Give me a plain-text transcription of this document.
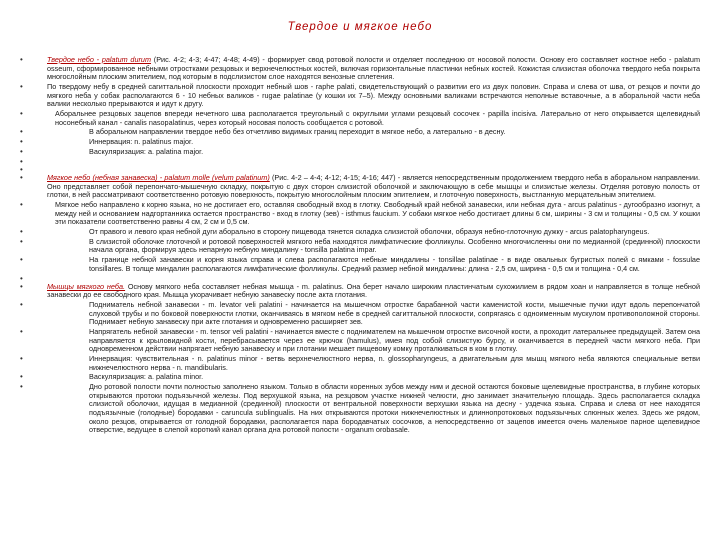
Твердое и мягкое небо
•	Твердое небо - palatum durum (Рис. 4-2; 4-3; 4-47; 4-48; 4-49) - формирует свод ротовой полости и отделяет последнюю от носовой полости. Основу его составляет костное небо - palatum osseum, сформированное небными отростками резцовых и верхнечелюстных костей, включая горизонтальные пластинки небных костей. Кожистая слизистая оболочка твердого неба покрыта многослойным плоским эпителием, под которым в подслизистом слое находятся венозные сплетения.
•	По твердому небу в средней сагиттальной плоскости проходит небный шов - raphe palati, свидетельствующий о развитии его из двух половин. Справа и слева от шва, от резцов и почти до мягкого неба у собак располагаются 6 - 10 небных валиков - rugae palatinae (у кошки их 7–5). Между основными валиками встречаются неполные вставочные, а в аборальной части неба валики несколько прерываются и идут к другу.
•	Аборальнее резцовых зацепов впереди нечетного шва располагается треугольный с округлыми углами резцовый сосочек - papilla incisiva. Латерально от него открывается щелевидный носонебный канал - canalis nasopalatinus, через который носовая полость сообщается с ротовой.
•	В аборальном направлении твердое небо без отчетливо видимых границ переходит в мягкое небо, а латерально - в десну.
•	Иннервация: n. palatinus major.
•	Васкуляризация: a. palatina major.
•
•
•	Мягкое небо (небная занавеска) - palatum molle (velum palatinum) (Рис. 4-2 – 4-4; 4-12; 4-15; 4-16; 447) - является непосредственным продолжением твердого неба в аборальном направлении. Оно представляет собой перепончато-мышечную складку, покрытую с двух сторон слизистой оболочкой и заключающую в себе мышцы и слизистые железы. Отделяя ротовую полость от глотки, в ней рассматривают соответственно ротовую поверхность, покрытую многослойным плоским эпителием, и глоточную поверхность, выстланную мерцательным эпителием.
•	Мягкое небо направлено к корню языка, но не достигает его, оставляя свободный вход в глотку. Свободный край небной занавески, или небная дуга - arcus palatinus - дугообразно изогнут, а между ней и основанием надгортанника остается пространство - вход в глотку (зев) - isthmus faucium. У собаки мягкое небо достигает длины 6 см, ширины - 3 см и толщины - 0,5 см. У кошки эти показатели соответственно равны 4 см, 2 см и 0,5 см.
•	От правого и левого края небной дуги аборально в сторону пищевода тянется складка слизистой оболочки, образуя небно-глоточную дужку - arcus palatopharyngeus.
•	В слизистой оболочке глоточной и ротовой поверхностей мягкого неба находятся лимфатические фолликулы. Особенно многочисленны они по медианной (срединной) плоскости начала органа, формируя здесь непарную небную миндалину - tonsilla palatina impar.
•	На границе небной занавески и корня языка справа и слева располагаются небные миндалины - tonsillae palatinae - в виде овальных бугристых полей с ямками - fossulae tonsillares. В толще миндалин располагаются лимфатические фолликулы. Средний размер небной миндалины: длина - 2,5 см, ширина - 0,5 см и толщина - 0,4 см.
•
•	Мышцы мягкого неба. Основу мягкого неба составляет небная мышца - m. palatinus. Она берет начало широким пластинчатым сухожилием в рядом хоан и направляется в толще небной занавески до ее свободного края. Мышца укорачивает небную занавеску после акта глотания.
•	Подниматель небной занавески - m. levator veli palatini - начинается на мышечном отростке барабанной части каменистой кости, мышечные пучки идут вдоль перепончатой слуховой трубы и по боковой поверхности глотки, оканчиваясь в мягком небе в средней сагиттальной плоскости, сопрягаясь с одноименным мускулом противоположной стороны. Поднимает небную занавеску при акте глотания и одновременно расширяет зев.
•	Напрягатель небной занавески - m. tensor veli palatini - начинается вместе с поднимателем на мышечном отростке височной кости, а проходит латеральнее предыдущей. Затем она направляется к крыловидной кости, перебрасывается через ее крючок (hamulus), имея под собой слизистую бурсу, и оканчивается в передней части мягкого неба. При одновременном действии напрягает небную занавеску и при глотании мешает пищевому комку проталкиваться в ком в глотку.
•	Иннервация: чувствительная - n. palatinus minor - ветвь верхнечелюстного нерва, n. glossopharyngeus, а двигательным для мышц мягкого неба являются специальные ветви нижнечелюстного нерва - n. mandibularis.
•	Васкуляризация: a. palatina minor.
•	Дно ротовой полости почти полностью заполнено языком. Только в области коренных зубов между ним и десной остаются боковые щелевидные пространства, в глубине которых открываются протоки подъязычной железы. Под верхушкой языка, на резцовом участке нижней челюсти, дно занимает значительную площадь. Здесь располагается складка слизистой оболочки, идущая в медианной (срединной) плоскости от вентральной поверхности верхушки языка на десну - уздечка языка. Справа и слева от нее находятся подъязычные (голодные) бородавки - caruncula sublingualis. На них открываются протоки нижнечелюстных и длиннопротоковых подъязычных слюнных желез. Здесь же рядом, около резцов, открывается от голодной бородавки, располагается пара бородавчатых сосочков, а непосредственно от зацепов имеется очень маленькое парное щелевидное отверстие, ведущее в слепой короткий канал органа дна ротовой полости - organum orobasale.
